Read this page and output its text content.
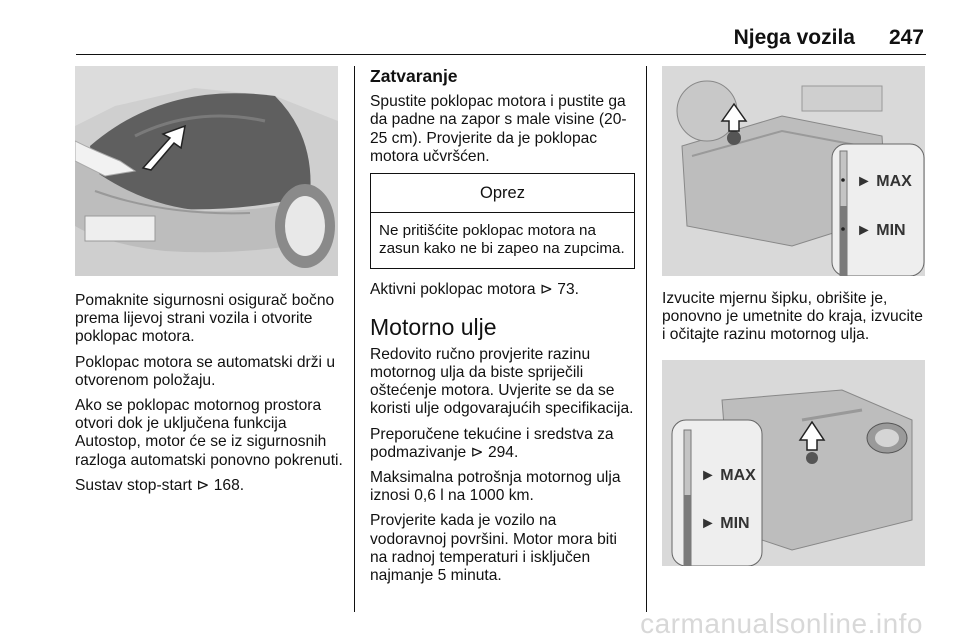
Njega vozila 247

Pomaknite sigurnosni osigurač bočno prema lijevoj strani vozila i otvorite poklopac motora.

Poklopac motora se automatski drži u otvorenom položaju.

Ako se poklopac motornog prostora otvori dok je uključena funkcija Autostop, motor će se iz sigurnosnih razloga automatski ponovno pokrenuti.

Sustav stop-start ⊳ 168.

Zatvaranje

Spustite poklopac motora i pustite ga da padne na zapor s male visine (20-25 cm). Provjerite da je poklopac motora učvršćen.

Oprez
Ne pritišćite poklopac motora na zasun kako ne bi zapeo na zupcima.

Aktivni poklopac motora ⊳ 73.

Motorno ulje

Redovito ručno provjerite razinu motornog ulja da biste spriječili oštećenje motora. Uvjerite se da se koristi ulje odgovarajućih specifikacija.

Preporučene tekućine i sredstva za podmazivanje ⊳ 294.

Maksimalna potrošnja motornog ulja iznosi 0,6 l na 1000 km.

Provjerite kada je vozilo na vodoravnoj površini. Motor mora biti na radnoj temperaturi i isključen najmanje 5 minuta.

► MAX
► MIN

Izvucite mjernu šipku, obrišite je, ponovno je umetnite do kraja, izvucite i očitajte razinu motornog ulja.

► MAX
► MIN
carmanualsonline.info
